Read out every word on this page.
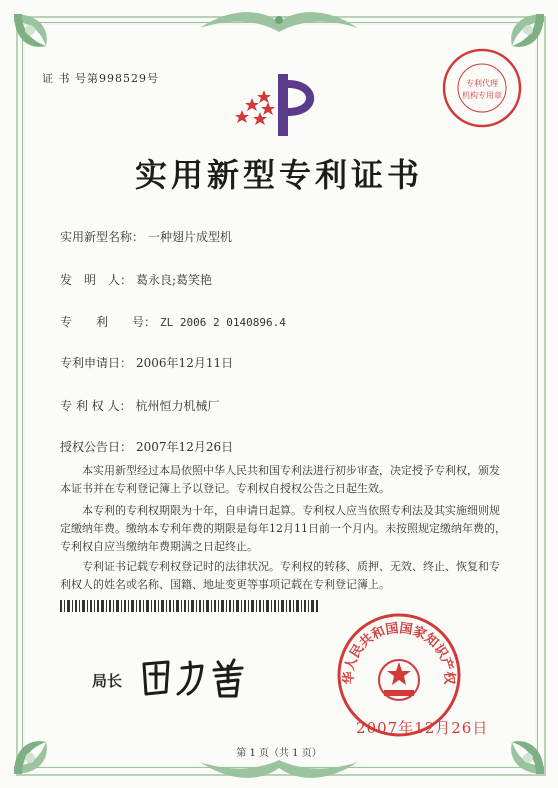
证 书 号第998529号	专利代理
机构专用章
实用新型专利证书
实用新型名称： 一种翅片成型机
发　明　人： 葛永良;葛笑艳
专　　利　　号： ZL 2006 2 0140896.4
专利申请日： 2006年12月11日
专 利 权 人： 杭州恒力机械厂
授权公告日： 2007年12月26日
本实用新型经过本局依照中华人民共和国专利法进行初步审查，决定授予专利权，颁发本证书并在专利登记簿上予以登记。专利权自授权公告之日起生效。
本专利的专利权期限为十年，自申请日起算。专利权人应当依照专利法及其实施细则规定缴纳年费。缴纳本专利年费的期限是每年12月11日前一个月内。未按照规定缴纳年费的，专利权自应当缴纳年费期满之日起终止。
专利证书记载专利权登记时的法律状况。专利权的转移、质押、无效、终止、恢复和专利权人的姓名或名称、国籍、地址变更等事项记载在专利登记簿上。
局长	华人民共和国国家知识产权
2007年12月26日
第 1 页（共 1 页）
